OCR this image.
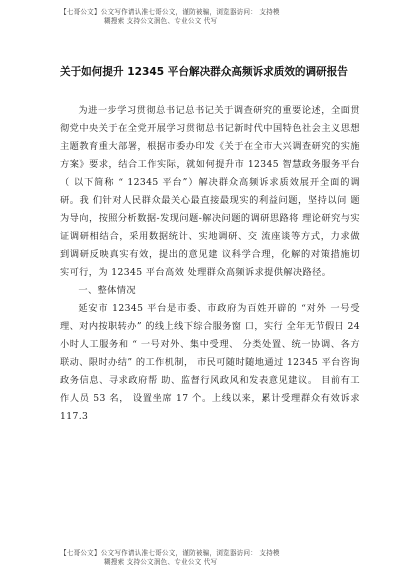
【七哥公文】公文写作请认准七哥公文，谨防被骗，浏览器访问： 支持模
糊搜索 支持公文润色、专业公文 代写
关于如何提升 12345 平台解决群众高频诉求质效的调研报告

为进一步学习贯彻总书记总书记关于调查研究的重要论述，全面贯彻党中央关于在全党开展学习贯彻总书记新时代中国特色社会主义思想主题教育重大部署，根据市委办印发《关于在全市大兴调查研究的实施方案》要求，结合工作实际，就如何提升市 12345 智慧政务服务平台（ 以下简称 “ 12345 平台”）解决群众高频诉求质效展开全面的调研。我 们针对人民群众最关心最直接最现实的利益问题，坚持以问 题为导向，按照分析数据-发现问题-解决问题的调研思路将 理论研究与实证调研相结合，采用数据统计、实地调研、交 流座谈等方式，力求做到调研反映真实有效，提出的意见建 议科学合理，化解的对策措施切实可行，为 12345 平台高效 处理群众高频诉求提供解决路径。

一、整体情况

延安市 12345 平台是市委、市政府为百姓开辟的 “对外 一号受理、对内按职转办” 的线上线下综合服务窗 口，实行 全年无节假日 24 小时人工服务和 “ 一号对外、集中受理、 分类处置、统一协调、各方联动、限时办结” 的工作机制， 市民可随时随地通过 12345 平台咨询政务信息、寻求政府帮 助、监督行风政风和发表意见建议。 目前有工作人员 53 名， 设置坐席 17 个。上线以来，累计受理群众有效诉求 117.3

【七哥公文】公文写作请认准七哥公文，谨防被骗，浏览器访问： 支持模
糊搜索 支持公文润色、专业公文 代写
